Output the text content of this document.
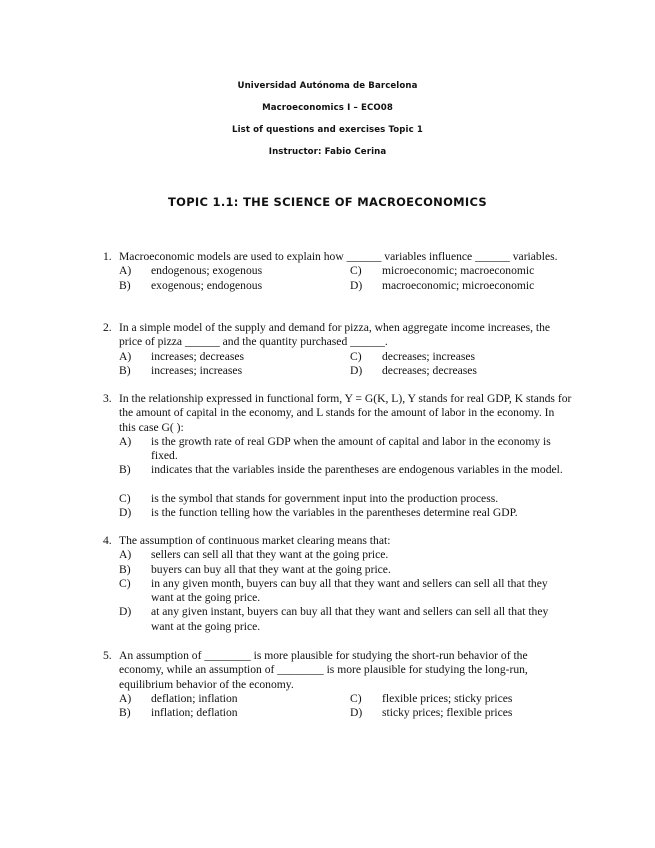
Universidad Autónoma de Barcelona
Macroeconomics I – ECO08
List of questions and exercises Topic 1
Instructor: Fabio Cerina
TOPIC 1.1: THE SCIENCE OF MACROECONOMICS
1. Macroeconomic models are used to explain how ______ variables influence ______ variables.
A) endogenous; exogenous	C) microeconomic; macroeconomic
B) exogenous; endogenous	D) macroeconomic; microeconomic
2. In a simple model of the supply and demand for pizza, when aggregate income increases, the price of pizza ______ and the quantity purchased ______.
A) increases; decreases	C) decreases; increases
B) increases; increases	D) decreases; decreases
3. In the relationship expressed in functional form, Y = G(K, L), Y stands for real GDP, K stands for the amount of capital in the economy, and L stands for the amount of labor in the economy. In this case G( ):
A) is the growth rate of real GDP when the amount of capital and labor in the economy is fixed.
B) indicates that the variables inside the parentheses are endogenous variables in the model.
C) is the symbol that stands for government input into the production process.
D) is the function telling how the variables in the parentheses determine real GDP.
4. The assumption of continuous market clearing means that:
A) sellers can sell all that they want at the going price.
B) buyers can buy all that they want at the going price.
C) in any given month, buyers can buy all that they want and sellers can sell all that they want at the going price.
D) at any given instant, buyers can buy all that they want and sellers can sell all that they want at the going price.
5. An assumption of ________ is more plausible for studying the short-run behavior of the economy, while an assumption of ________ is more plausible for studying the long-run, equilibrium behavior of the economy.
A) deflation; inflation	C) flexible prices; sticky prices
B) inflation; deflation	D) sticky prices; flexible prices
